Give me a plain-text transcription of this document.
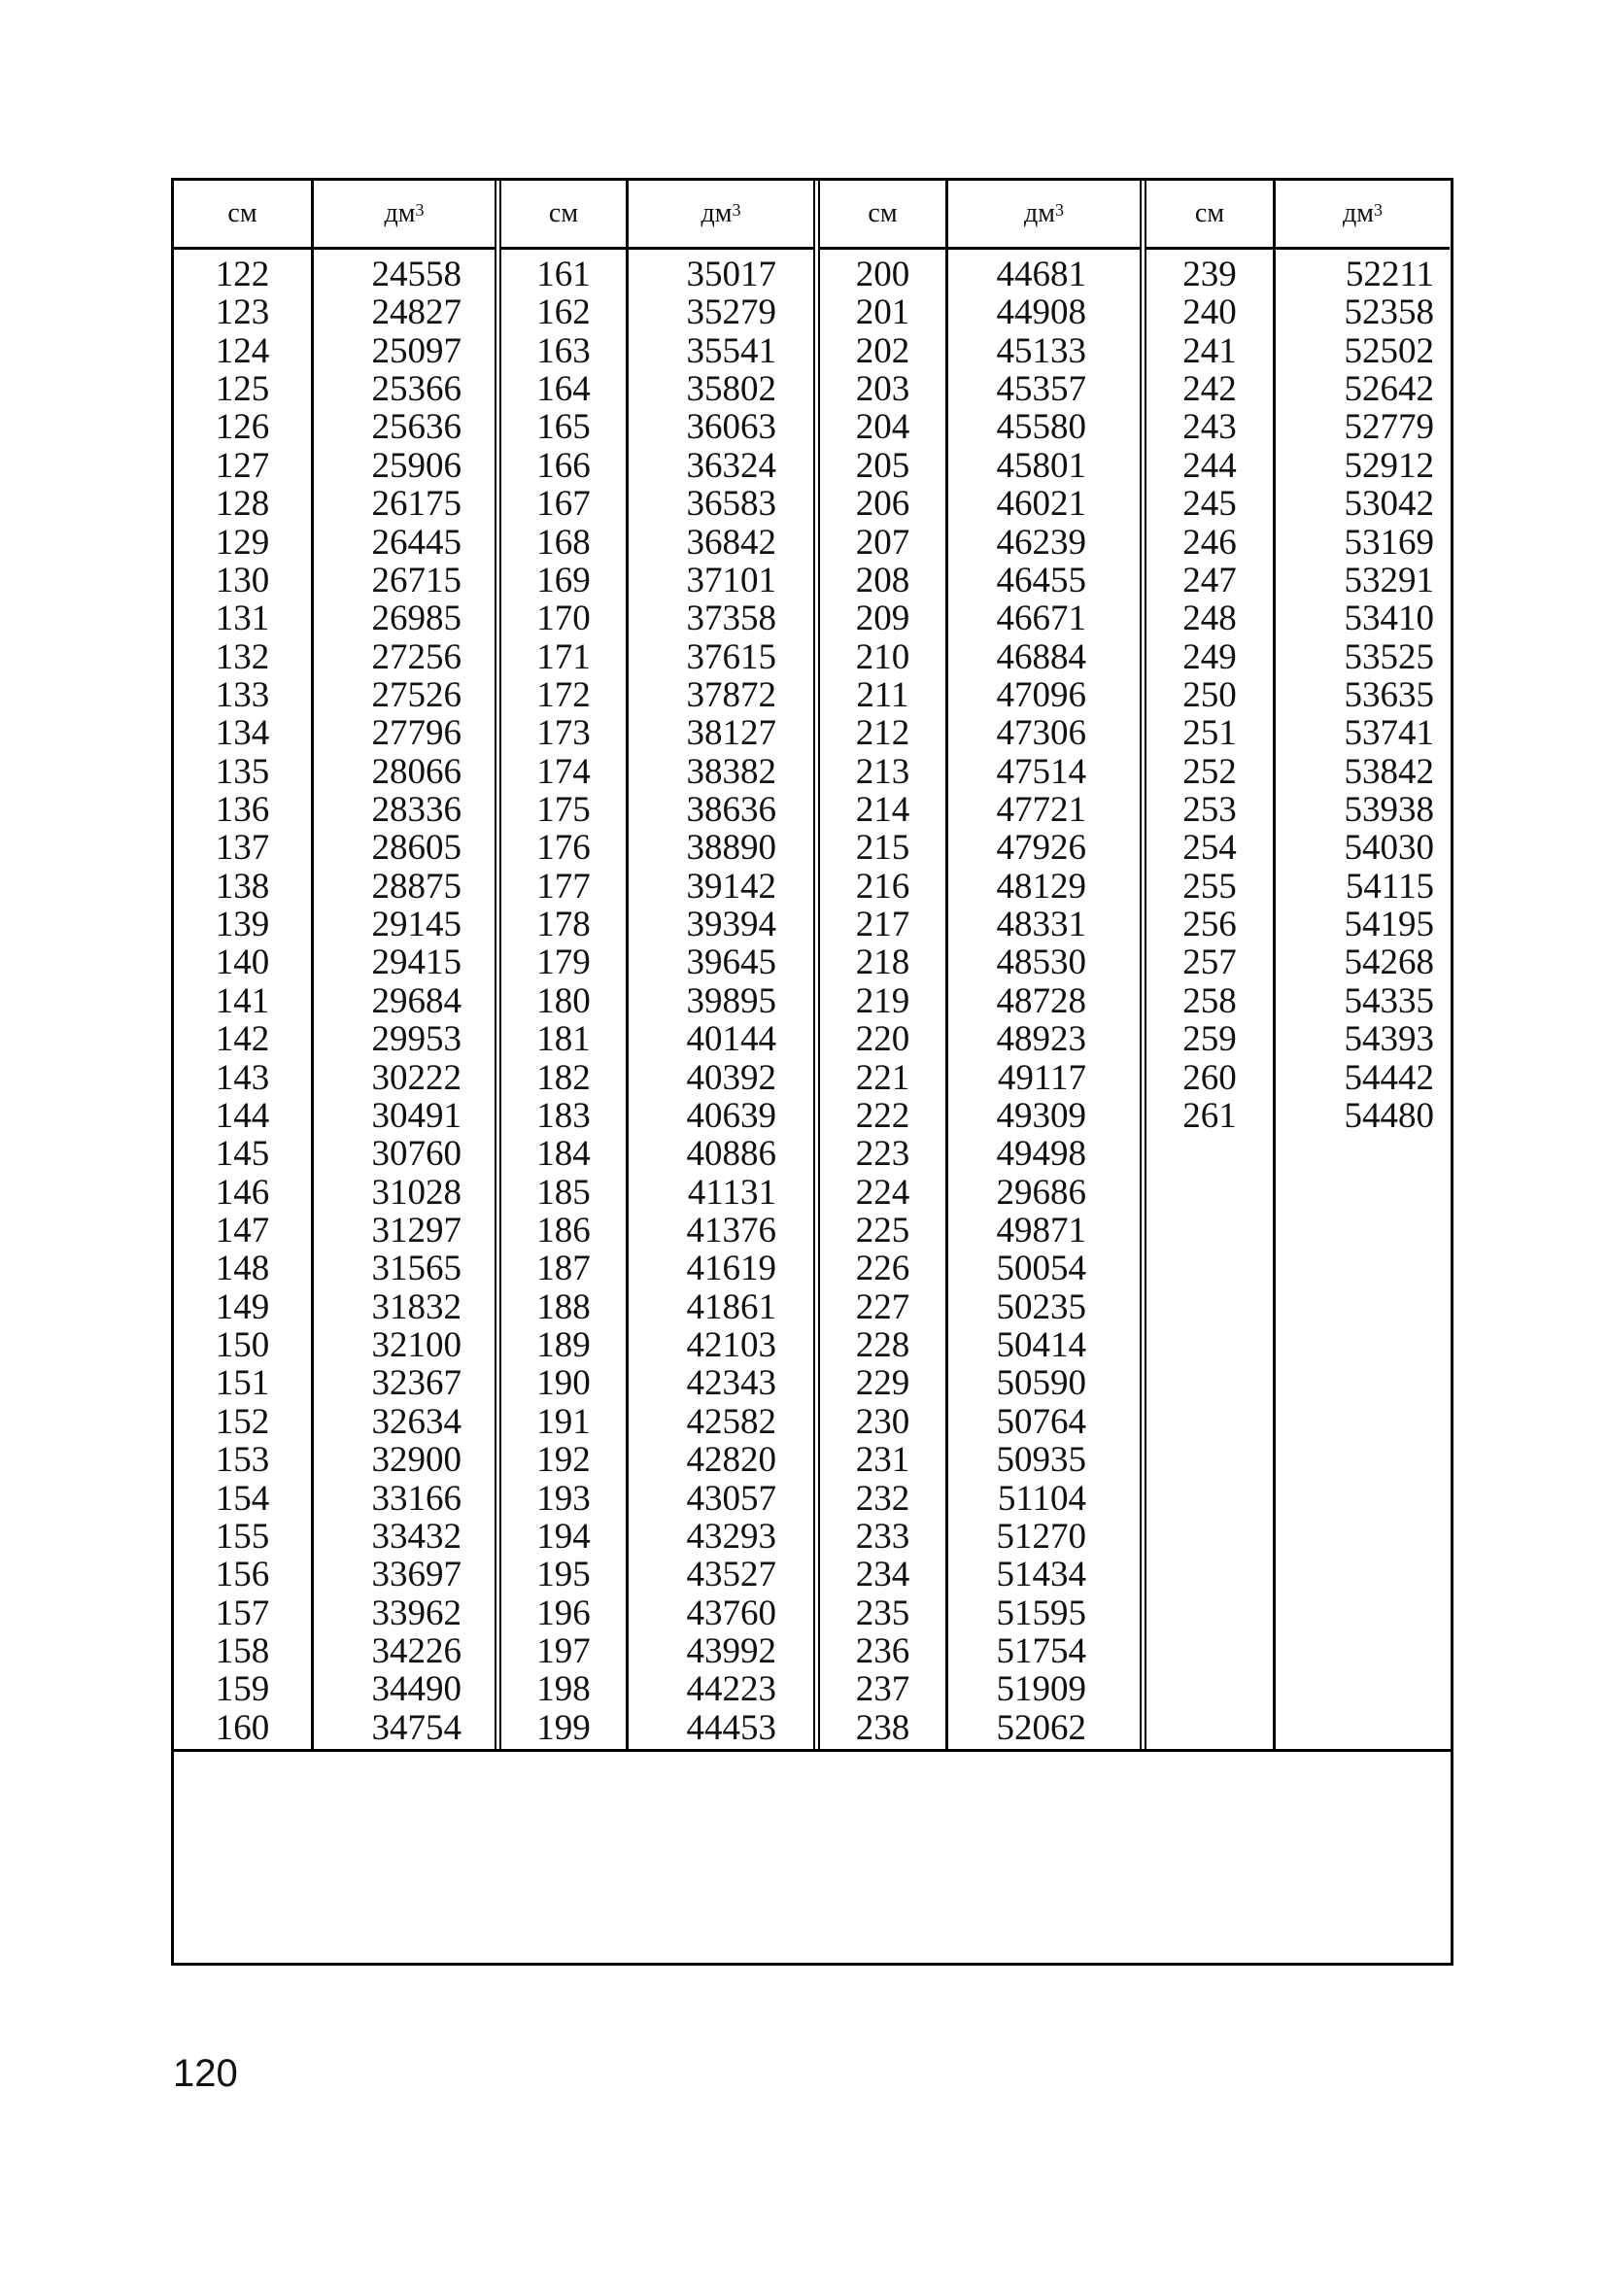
см
122
123
124
125
126
127
128
129
130
131
132
133
134
135
136
137
138
139
140
141
142
143
144
145
146
147
148
149
150
151
152
153
154
155
156
157
158
159
160
$дм^3$
24558
24827
25097
25366
25636
25906
26175
26445
26715
26985
27256
27526
27796
28066
28336
28605
28875
29145
29415
29684
29953
30222
30491
30760
31028
31297
31565
31832
32100
32367
32634
32900
33166
33432
33697
33962
34226
34490
34754
см
161
162
163
164
165
166
167
168
169
170
171
172
173
174
175
176
177
178
179
180
181
182
183
184
185
186
187
188
189
190
191
192
193
194
195
196
197
198
199
$дм^3$
35017
35279
35541
35802
36063
36324
36583
36842
37101
37358
37615
37872
38127
38382
38636
38890
39142
39394
39645
39895
40144
40392
40639
40886
41131
41376
41619
41861
42103
42343
42582
42820
43057
43293
43527
43760
43992
44223
44453
см
200
201
202
203
204
205
206
207
208
209
210
211
212
213
214
215
216
217
218
219
220
221
222
223
224
225
226
227
228
229
230
231
232
233
234
235
236
237
238
$дм^3$
44681
44908
45133
45357
45580
45801
46021
46239
46455
46671
46884
47096
47306
47514
47721
47926
48129
48331
48530
48728
48923
49117
49309
49498
29686
49871
50054
50235
50414
50590
50764
50935
51104
51270
51434
51595
51754
51909
52062
см
239
240
241
242
243
244
245
246
247
248
249
250
251
252
253
254
255
256
257
258
259
260
261
$дм^3$
52211
52358
52502
52642
52779
52912
53042
53169
53291
53410
53525
53635
53741
53842
53938
54030
54115
54195
54268
54335
54393
54442
54480
120
